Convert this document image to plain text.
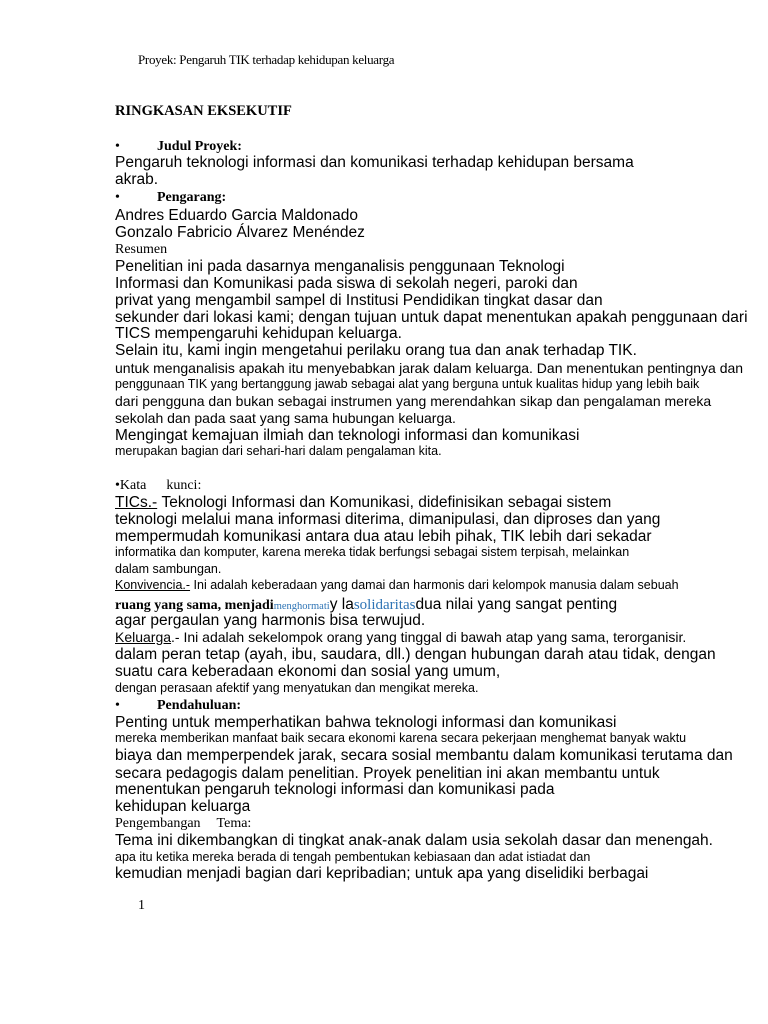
Proyek: Pengaruh TIK terhadap kehidupan keluarga
RINGKASAN EKSEKUTIF
•	Judul Proyek:
Pengaruh teknologi informasi dan komunikasi terhadap kehidupan bersama
akrab.
•	Pengarang:
Andres Eduardo Garcia Maldonado
Gonzalo Fabricio Álvarez Menéndez
Resumen
Penelitian ini pada dasarnya menganalisis penggunaan Teknologi
Informasi dan Komunikasi pada siswa di sekolah negeri, paroki dan
privat yang mengambil sampel di Institusi Pendidikan tingkat dasar dan
sekunder dari lokasi kami; dengan tujuan untuk dapat menentukan apakah penggunaan dari
TICS mempengaruhi kehidupan keluarga.
Selain itu, kami ingin mengetahui perilaku orang tua dan anak terhadap TIK.
untuk menganalisis apakah itu menyebabkan jarak dalam keluarga. Dan menentukan pentingnya dan
penggunaan TIK yang bertanggung jawab sebagai alat yang berguna untuk kualitas hidup yang lebih baik
dari pengguna dan bukan sebagai instrumen yang merendahkan sikap dan pengalaman mereka
sekolah dan pada saat yang sama hubungan keluarga.
Mengingat kemajuan ilmiah dan teknologi informasi dan komunikasi
merupakan bagian dari sehari-hari dalam pengalaman kita.
•Kata kunci:
TICs.- Teknologi Informasi dan Komunikasi, didefinisikan sebagai sistem
teknologi melalui mana informasi diterima, dimanipulasi, dan diproses dan yang
mempermudah komunikasi antara dua atau lebih pihak, TIK lebih dari sekadar
informatika dan komputer, karena mereka tidak berfungsi sebagai sistem terpisah, melainkan
dalam sambungan.
Konvivencia.- Ini adalah keberadaan yang damai dan harmonis dari kelompok manusia dalam sebuah
ruang yang sama, menjadimenghormatiy lasolidaritasdua nilai yang sangat penting
agar pergaulan yang harmonis bisa terwujud.
Keluarga.- Ini adalah sekelompok orang yang tinggal di bawah atap yang sama, terorganisir.
dalam peran tetap (ayah, ibu, saudara, dll.) dengan hubungan darah atau tidak, dengan
suatu cara keberadaan ekonomi dan sosial yang umum,
dengan perasaan afektif yang menyatukan dan mengikat mereka.
•	Pendahuluan:
Penting untuk memperhatikan bahwa teknologi informasi dan komunikasi
mereka memberikan manfaat baik secara ekonomi karena secara pekerjaan menghemat banyak waktu
biaya dan memperpendek jarak, secara sosial membantu dalam komunikasi terutama dan
secara pedagogis dalam penelitian. Proyek penelitian ini akan membantu untuk
menentukan pengaruh teknologi informasi dan komunikasi pada
kehidupan keluarga
Pengembangan Tema:
Tema ini dikembangkan di tingkat anak-anak dalam usia sekolah dasar dan menengah.
apa itu ketika mereka berada di tengah pembentukan kebiasaan dan adat istiadat dan
kemudian menjadi bagian dari kepribadian; untuk apa yang diselidiki berbagai
1
